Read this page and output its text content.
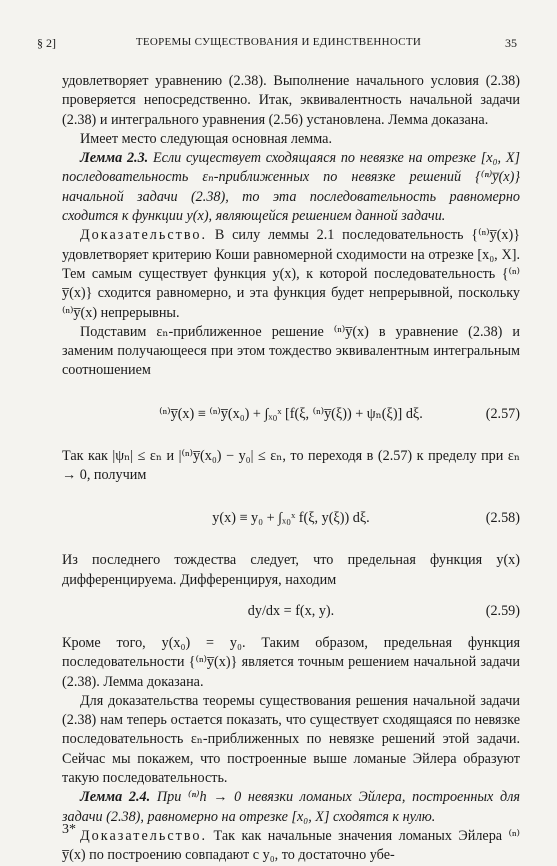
§ 2]	ТЕОРЕМЫ СУЩЕСТВОВАНИЯ И ЕДИНСТВЕННОСТИ	35

удовлетворяет уравнению (2.38). Выполнение начального условия (2.38) проверяется непосредственно. Итак, эквивалентность начальной задачи (2.38) и интегрального уравнения (2.56) установлена. Лемма доказана.

Имеет место следующая основная лемма.

Лемма 2.3. Если существует сходящаяся по невязке на отрезке [x₀, X] последовательность εₙ-приближенных по невязке решений {⁽ⁿ⁾y̅(x)} начальной задачи (2.38), то эта последовательность равномерно сходится к функции y(x), являющейся решением данной задачи.

Доказательство. В силу леммы 2.1 последовательность {⁽ⁿ⁾y̅(x)} удовлетворяет критерию Коши равномерной сходимости на отрезке [x₀, X]. Тем самым существует функция y(x), к которой последовательность {⁽ⁿ⁾y̅(x)} сходится равномерно, и эта функция будет непрерывной, поскольку ⁽ⁿ⁾y̅(x) непрерывны.

Подставим εₙ-приближенное решение ⁽ⁿ⁾y̅(x) в уравнение (2.38) и заменим получающееся при этом тождество эквивалентным интегральным соотношением

⁽ⁿ⁾y̅(x) ≡ ⁽ⁿ⁾y̅(x₀) + ∫ₓ₀ˣ [f(ξ, ⁽ⁿ⁾y̅(ξ)) + ψₙ(ξ)] dξ.	(2.57)

Так как |ψₙ| ≤ εₙ и |⁽ⁿ⁾y̅(x₀) − y₀| ≤ εₙ, то переходя в (2.57) к пределу при εₙ → 0, получим

y(x) ≡ y₀ + ∫ₓ₀ˣ f(ξ, y(ξ)) dξ.	(2.58)

Из последнего тождества следует, что предельная функция y(x) дифференцируема. Дифференцируя, находим

dy/dx = f(x, y).	(2.59)

Кроме того, y(x₀) = y₀. Таким образом, предельная функция последовательности {⁽ⁿ⁾y̅(x)} является точным решением начальной задачи (2.38). Лемма доказана.

Для доказательства теоремы существования решения начальной задачи (2.38) нам теперь остается показать, что существует сходящаяся по невязке последовательность εₙ-приближенных по невязке решений этой задачи. Сейчас мы покажем, что построенные выше ломаные Эйлера образуют такую последовательность.

Лемма 2.4. При ⁽ⁿ⁾h → 0 невязки ломаных Эйлера, построенных для задачи (2.38), равномерно на отрезке [x₀, X] сходятся к нулю.

Доказательство. Так как начальные значения ломаных Эйлера ⁽ⁿ⁾y̅(x) по построению совпадают с y₀, то достаточно убе-

3*
